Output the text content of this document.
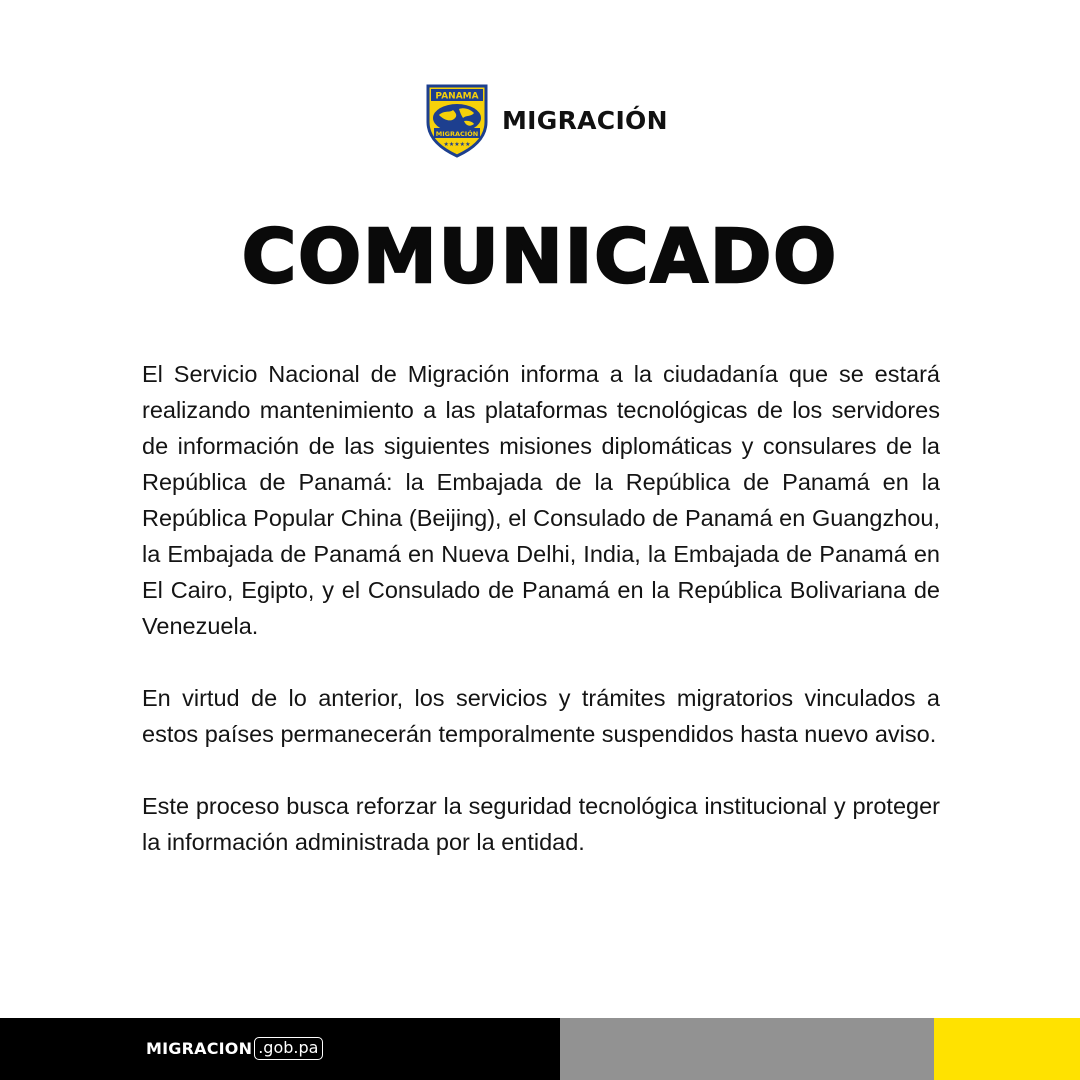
PANAMA
MIGRACIÓN
★★★★★
MIGRACIÓN
COMUNICADO

El Servicio Nacional de Migración informa a la ciudadanía que se estará realizando mantenimiento a las plataformas tecnológicas de los servidores de información de las siguientes misiones diplomáticas y consulares de la República de Panamá: la Embajada de la República de Panamá en la República Popular China (Beijing), el Consulado de Panamá en Guangzhou, la Embajada de Panamá en Nueva Delhi, India, la Embajada de Panamá en El Cairo, Egipto, y el Consulado de Panamá en la República Bolivariana de Venezuela.

En virtud de lo anterior, los servicios y trámites migratorios vinculados a estos países permanecerán temporalmente suspendidos hasta nuevo aviso.

Este proceso busca reforzar la seguridad tecnológica institucional y proteger la información administrada por la entidad.

MIGRACION .gob.pa
